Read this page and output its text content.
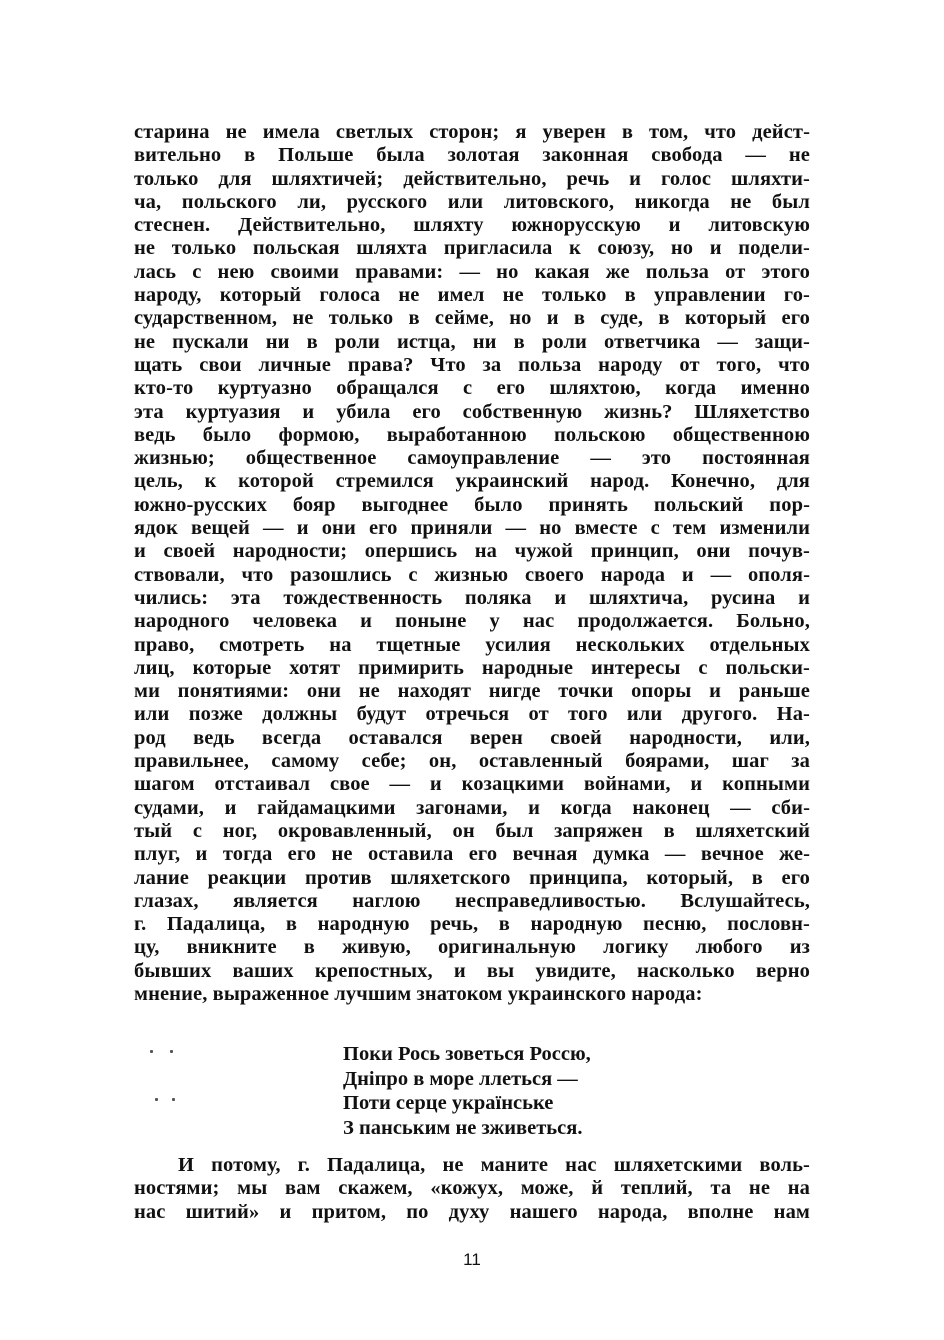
старина не имела светлых сторон; я уверен в том, что дейст-
вительно в Польше была золотая законная свобода — не
только для шляхтичей; действительно, речь и голос шляхти-
ча, польского ли, русского или литовского, никогда не был
стеснен. Действительно, шляхту южнорусскую и литовскую
не только польская шляхта пригласила к союзу, но и подели-
лась с нею своими правами: — но какая же польза от этого
народу, который голоса не имел не только в управлении го-
сударственном, не только в сейме, но и в суде, в который его
не пускали ни в роли истца, ни в роли ответчика — защи-
щать свои личные права? Что за польза народу от того, что
кто-то куртуазно обращался с его шляхтою, когда именно
эта куртуазия и убила его собственную жизнь? Шляхетство
ведь было формою, выработанною польскою общественною
жизнью; общественное самоуправление — это постоянная
цель, к которой стремился украинский народ. Конечно, для
южно-русских бояр выгоднее было принять польский пор-
ядок вещей — и они его приняли — но вместе с тем изменили
и своей народности; опершись на чужой принцип, они почув-
ствовали, что разошлись с жизнью своего народа и — ополя-
чились: эта тождественность поляка и шляхтича, русина и
народного человека и поныне у нас продолжается. Больно,
право, смотреть на тщетные усилия нескольких отдельных
лиц, которые хотят примирить народные интересы с польски-
ми понятиями: они не находят нигде точки опоры и раньше
или позже должны будут отречься от того или другого. На-
род ведь всегда оставался верен своей народности, или,
правильнее, самому себе; он, оставленный боярами, шаг за
шагом отстаивал свое — и козацкими войнами, и копными
судами, и гайдамацкими загонами, и когда наконец — сби-
тый с ног, окровавленный, он был запряжен в шляхетский
плуг, и тогда его не оставила его вечная думка — вечное же-
лание реакции против шляхетского принципа, который, в его
глазах, является наглою несправедливостью. Вслушайтесь,
г. Падалица, в народную речь, в народную песню, пословн-
цу, вникните в живую, оригинальную логику любого из
бывших ваших крепостных, и вы увидите, насколько верно
мнение, выраженное лучшим знатоком украинского народа:
Поки Рось зоветься Россю,
Дніпро в море ллеться —
Поти серце українське
З панським не зживеться.
И потому, г. Падалица, не маните нас шляхетскими воль-
ностями; мы вам скажем, «кожух, може, й теплий, та не на
нас шитий» и притом, по духу нашего народа, вполне нам
11
